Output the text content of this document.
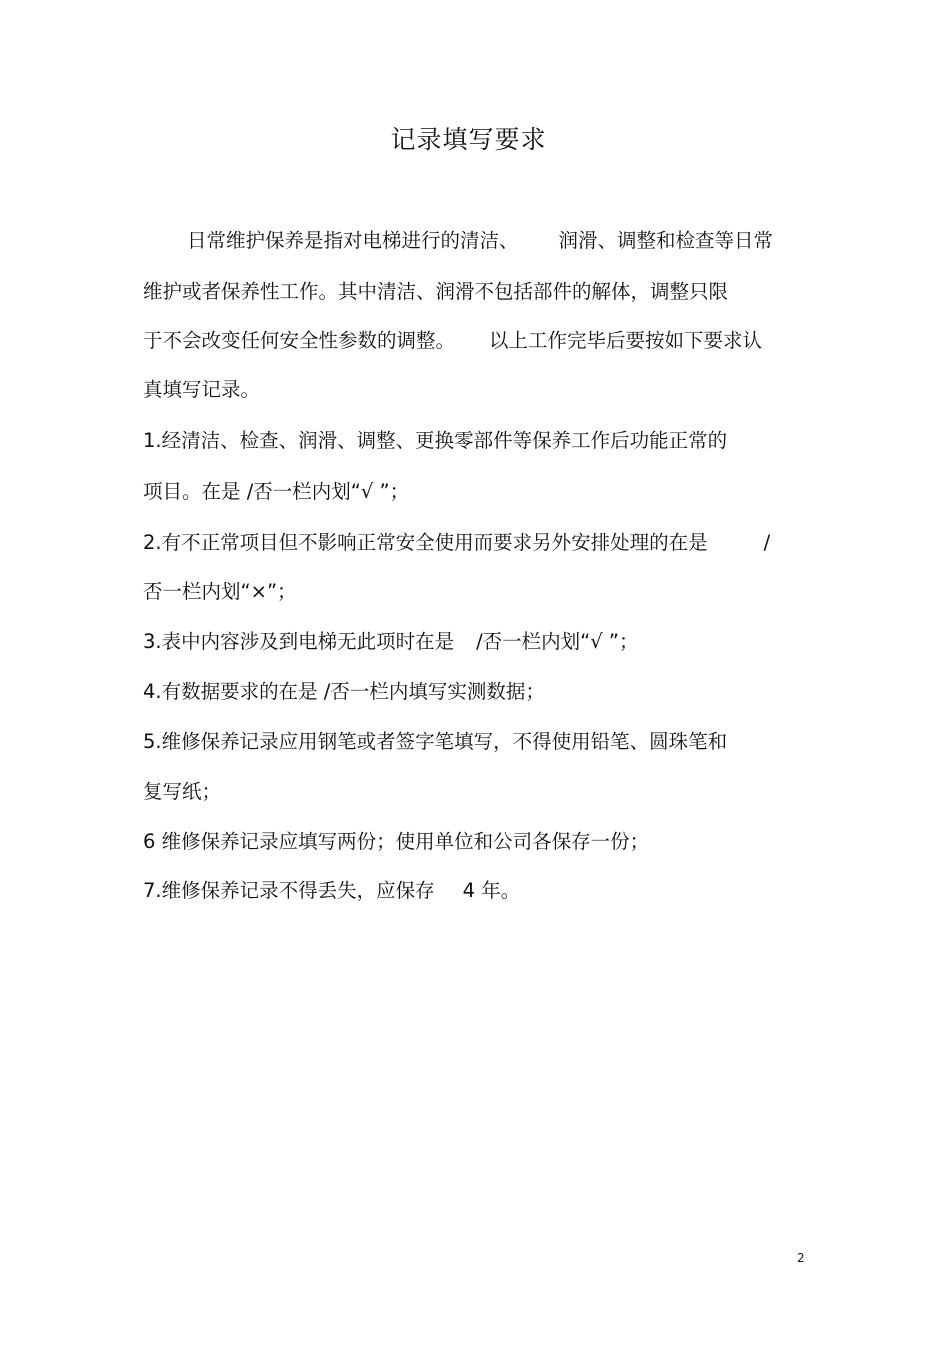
记录填写要求
日常维护保养是指对电梯进行的清洁、 润滑、调整和检查等日常
维护或者保养性工作。其中清洁、润滑不包括部件的解体，调整只限
于不会改变任何安全性参数的调整。 以上工作完毕后要按如下要求认
真填写记录。
1.经清洁、检查、润滑、调整、更换零部件等保养工作后功能正常的
项目。在是 /否一栏内划“√ ”；
2.有不正常项目但不影响正常安全使用而要求另外安排处理的在是	/
否一栏内划“×”；
3.表中内容涉及到电梯无此项时在是 /否一栏内划“√ ”；
4.有数据要求的在是 /否一栏内填写实测数据；
5.维修保养记录应用钢笔或者签字笔填写，不得使用铅笔、圆珠笔和
复写纸；
6 维修保养记录应填写两份；使用单位和公司各保存一份；
7.维修保养记录不得丢失，应保存 4 年。
2
